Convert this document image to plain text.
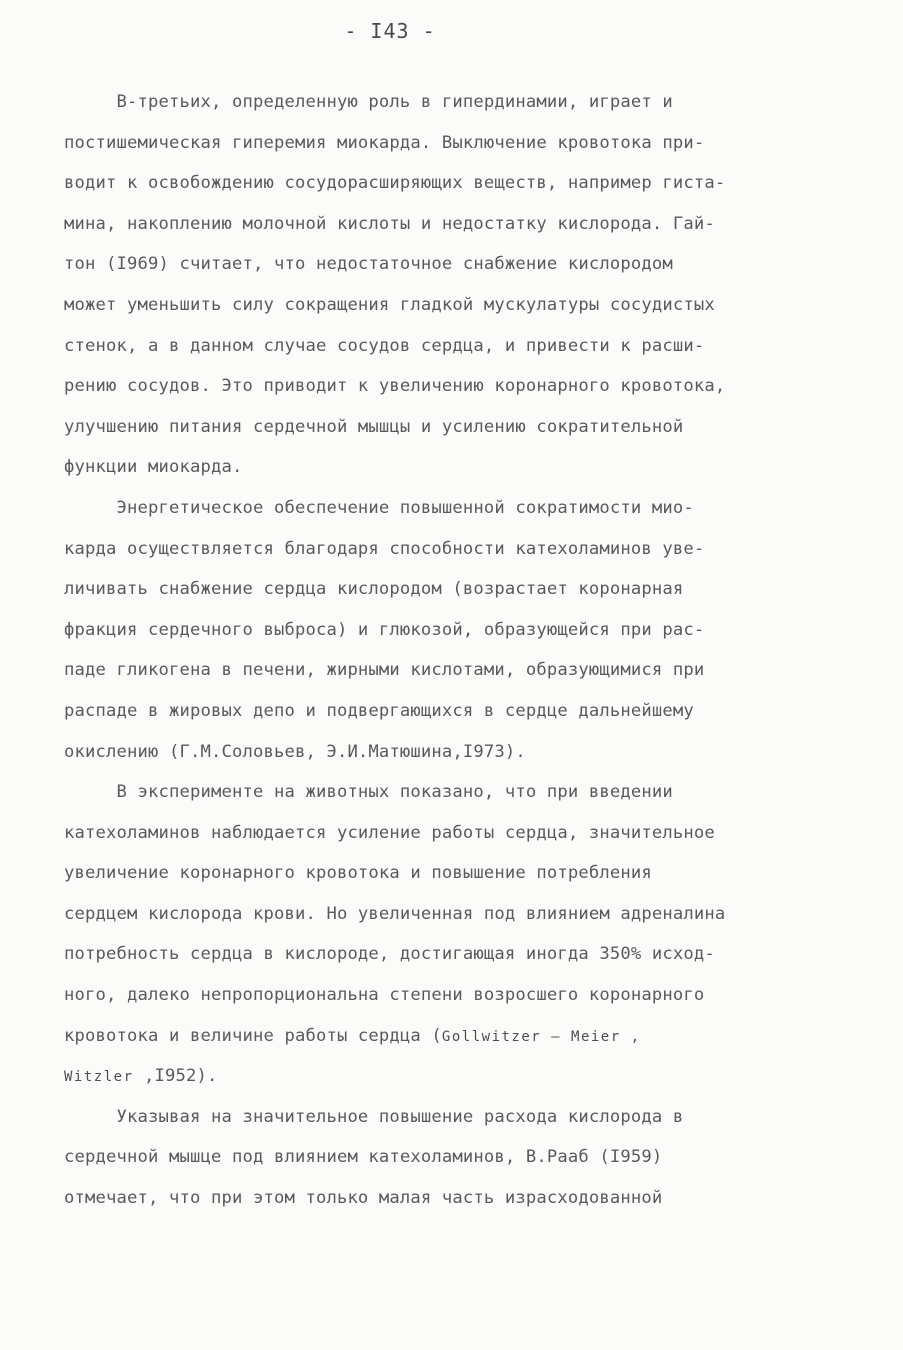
- I43 -
В-третьих, определенную роль в гипердинамии, играет и
постишемическая гиперемия миокарда. Выключение кровотока при-
водит к освобождению сосудорасширяющих веществ, например гиста-
мина, накоплению молочной кислоты и недостатку кислорода. Гай-
тон (I969) считает, что недостаточное снабжение кислородом
может уменьшить силу сокращения гладкой мускулатуры сосудистых
стенок, а в данном случае сосудов сердца, и привести к расши-
рению сосудов. Это приводит к увеличению коронарного кровотока,
улучшению питания сердечной мышцы и усилению сократительной
функции миокарда.
Энергетическое обеспечение повышенной сократимости мио-
карда осуществляется благодаря способности катехоламинов уве-
личивать снабжение сердца кислородом (возрастает коронарная
фракция сердечного выброса) и глюкозой, образующейся при рас-
паде гликогена в печени, жирными кислотами, образующимися при
распаде в жировых депо и подвергающихся в сердце дальнейшему
окислению (Г.М.Соловьев, Э.И.Матюшина,I973).
В эксперименте на животных показано, что при введении
катехоламинов наблюдается усиление работы сердца, значительное
увеличение коронарного кровотока и повышение потребления
сердцем кислорода крови. Но увеличенная под влиянием адреналина
потребность сердца в кислороде, достигающая иногда 350% исход-
ного, далеко непропорциональна степени возросшего коронарного
кровотока и величине работы сердца (Gollwitzer – Meier ,
Witzler ,I952).
Указывая на значительное повышение расхода кислорода в
сердечной мышце под влиянием катехоламинов, В.Рааб (I959)
отмечает, что при этом только малая часть израсходованной
